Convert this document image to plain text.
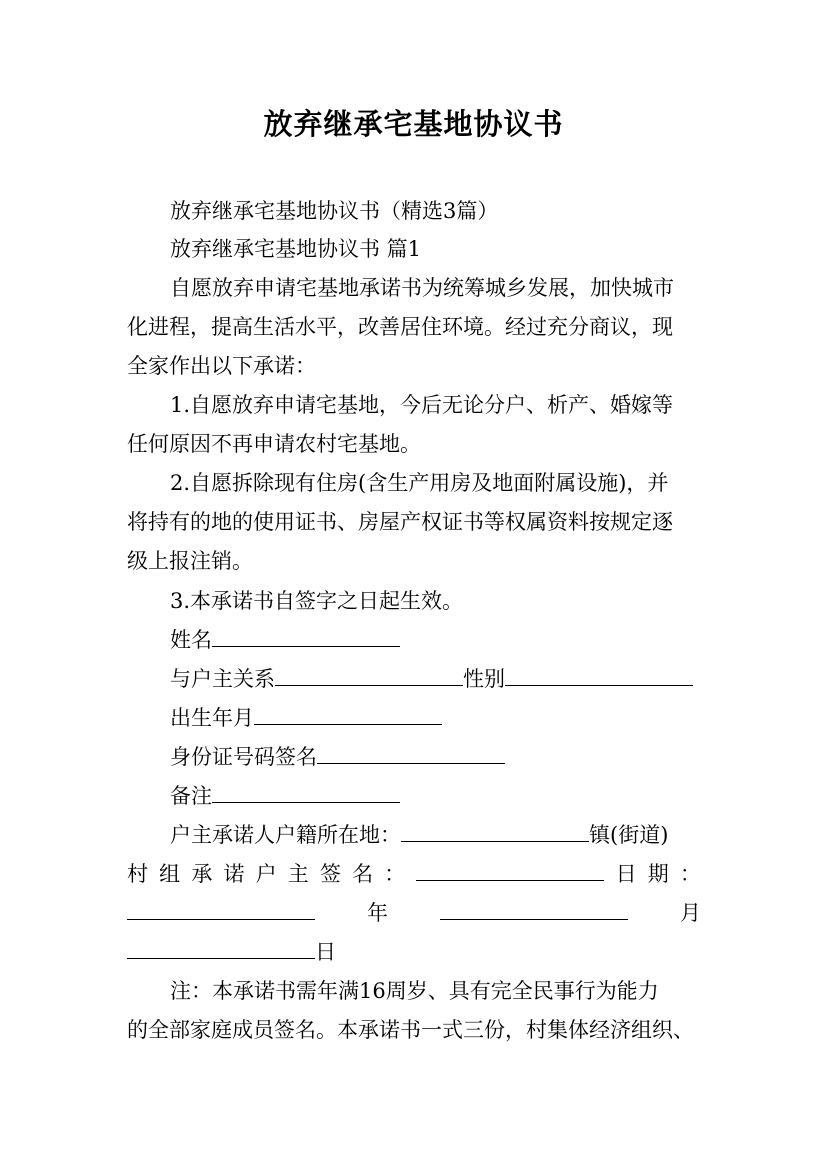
放弃继承宅基地协议书
放弃继承宅基地协议书（精选3篇）
放弃继承宅基地协议书 篇1
自愿放弃申请宅基地承诺书为统筹城乡发展，加快城市
化进程，提高生活水平，改善居住环境。经过充分商议，现
全家作出以下承诺：
1.自愿放弃申请宅基地，今后无论分户、析产、婚嫁等
任何原因不再申请农村宅基地。
2.自愿拆除现有住房(含生产用房及地面附属设施)，并
将持有的地的使用证书、房屋产权证书等权属资料按规定逐
级上报注销。
3.本承诺书自签字之日起生效。
姓名
与户主关系	性别
出生年月
身份证号码签名
备注
户主承诺人户籍所在地：	镇(街道)
村 组 承 诺 户 主 签 名 ：	日 期 ：
年	月
日
注：本承诺书需年满16周岁、具有完全民事行为能力
的全部家庭成员签名。本承诺书一式三份，村集体经济组织、
